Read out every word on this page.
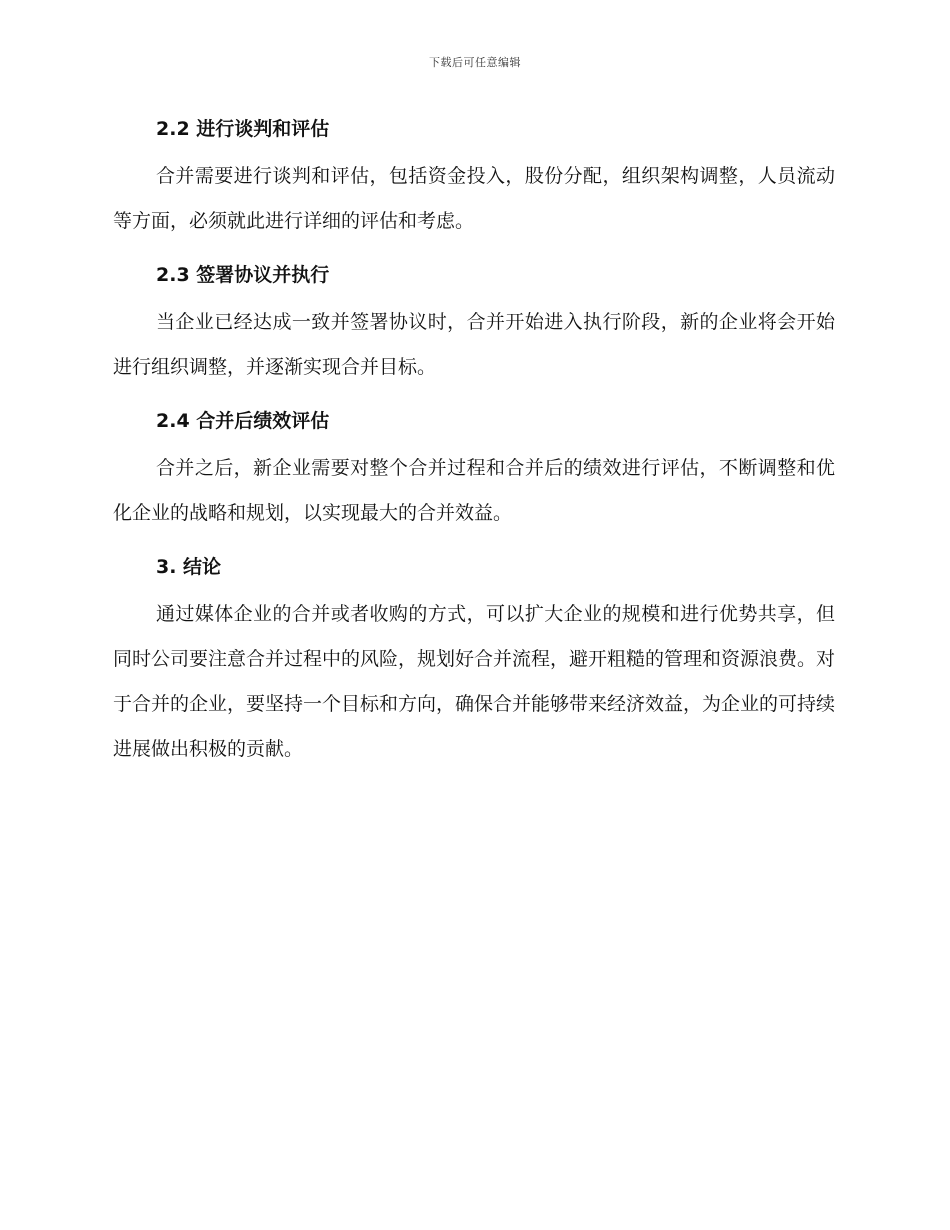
下载后可任意编辑
2.2 进行谈判和评估

合并需要进行谈判和评估，包括资金投入，股份分配，组织架构调整，人员流动等方面，必须就此进行详细的评估和考虑。

2.3 签署协议并执行

当企业已经达成一致并签署协议时，合并开始进入执行阶段，新的企业将会开始进行组织调整，并逐渐实现合并目标。

2.4 合并后绩效评估

合并之后，新企业需要对整个合并过程和合并后的绩效进行评估，不断调整和优化企业的战略和规划，以实现最大的合并效益。

3. 结论

通过媒体企业的合并或者收购的方式，可以扩大企业的规模和进行优势共享，但同时公司要注意合并过程中的风险，规划好合并流程，避开粗糙的管理和资源浪费。对于合并的企业，要坚持一个目标和方向，确保合并能够带来经济效益，为企业的可持续进展做出积极的贡献。
